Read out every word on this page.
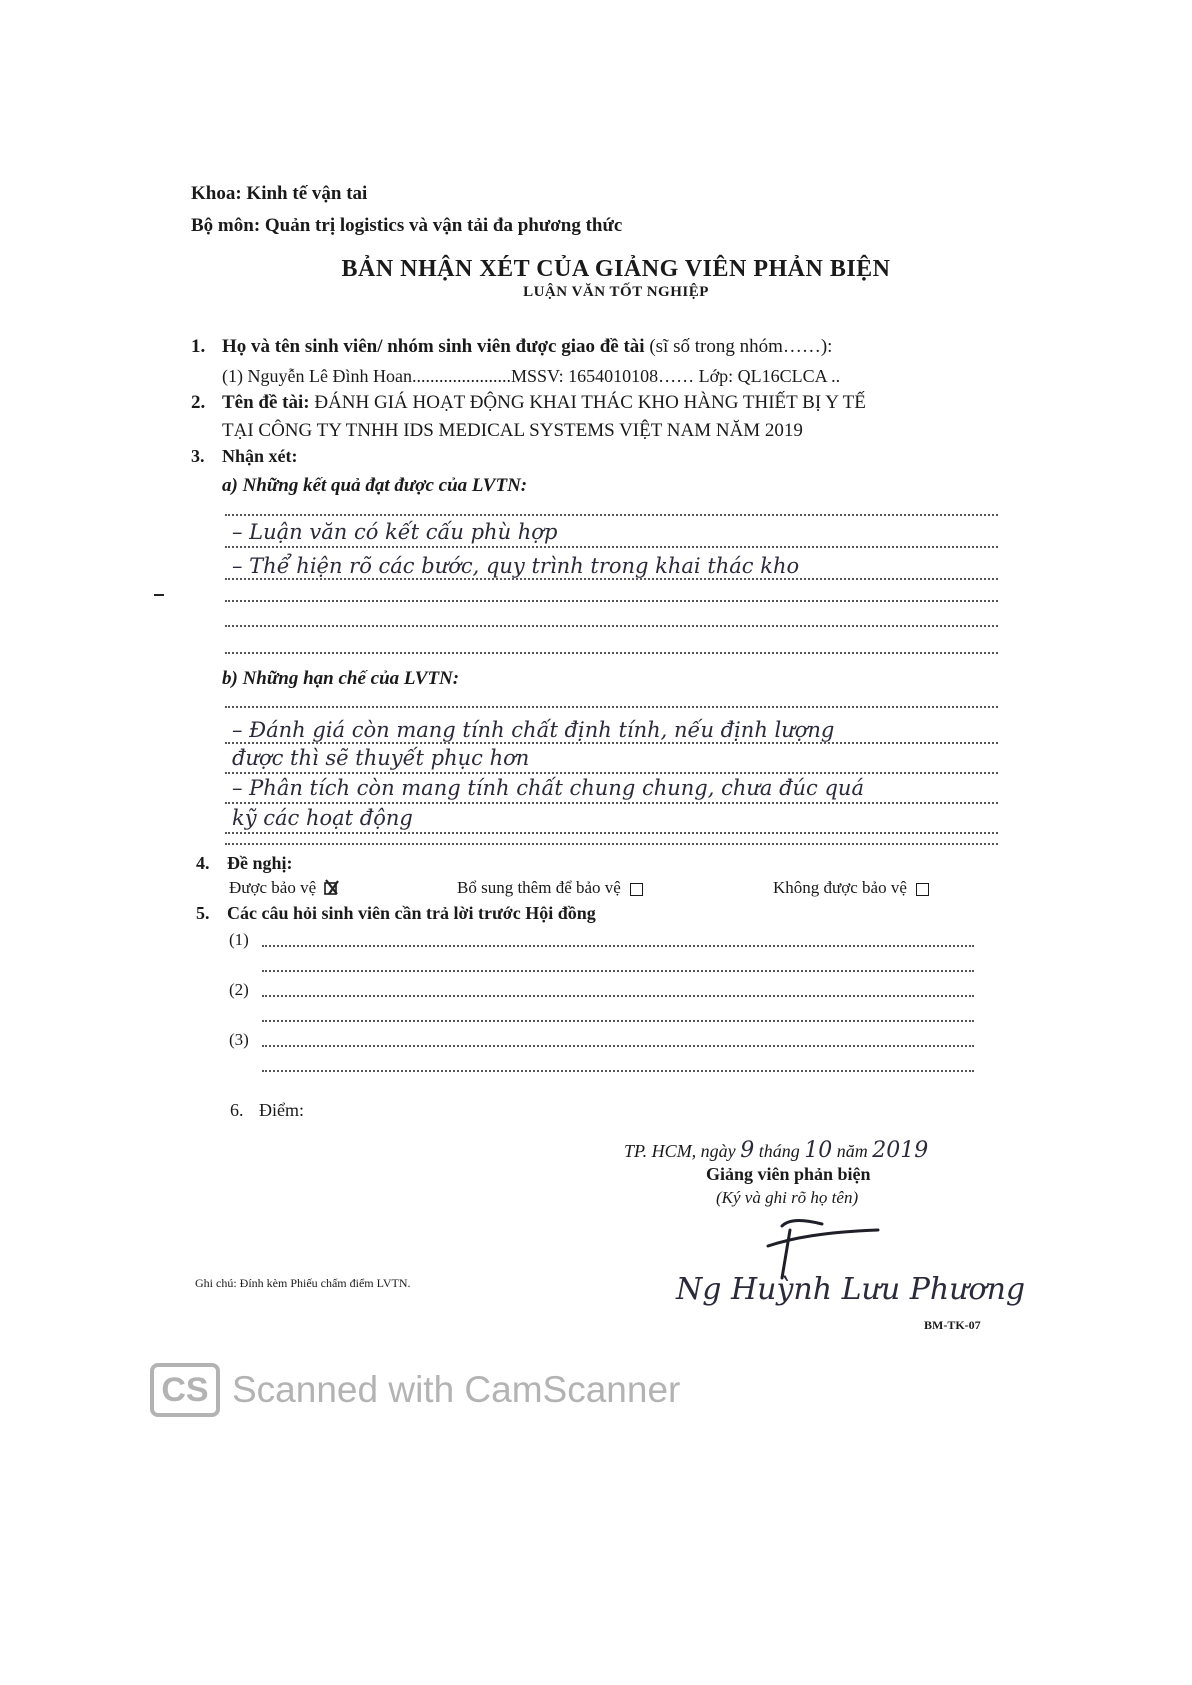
Khoa: Kinh tế vận tai
Bộ môn: Quản trị logistics và vận tải đa phương thức
BẢN NHẬN XÉT CỦA GIẢNG VIÊN PHẢN BIỆN
LUẬN VĂN TỐT NGHIỆP
1. Họ và tên sinh viên/ nhóm sinh viên được giao đề tài (sĩ số trong nhóm……):
(1) Nguyễn Lê Đình Hoan......................MSSV: 1654010108…… Lớp: QL16CLCA ..
2. Tên đề tài: ĐÁNH GIÁ HOẠT ĐỘNG KHAI THÁC KHO HÀNG THIẾT BỊ Y TẾ
TẠI CÔNG TY TNHH IDS MEDICAL SYSTEMS VIỆT NAM NĂM 2019
3. Nhận xét:
a) Những kết quả đạt được của LVTN:
– Luận văn có kết cấu phù hợp
– Thể hiện rõ các bước, quy trình trong khai thác kho
b) Những hạn chế của LVTN:
– Đánh giá còn mang tính chất định tính, nếu định lượng
được thì sẽ thuyết phục hơn
– Phân tích còn mang tính chất chung chung, chưa đúc quá
kỹ các hoạt động
4. Đề nghị:
Được bảo vệ	Bổ sung thêm để bảo vệ	Không được bảo vệ
5. Các câu hỏi sinh viên cần trả lời trước Hội đồng
(1)
(2)
(3)
6. Điểm:
TP. HCM, ngày 9 tháng 10 năm 2019
Giảng viên phản biện
(Ký và ghi rõ họ tên)
Ng Huỳnh Lưu Phương
Ghi chú: Đính kèm Phiếu chấm điểm LVTN.
BM-TK-07
CS Scanned with CamScanner
